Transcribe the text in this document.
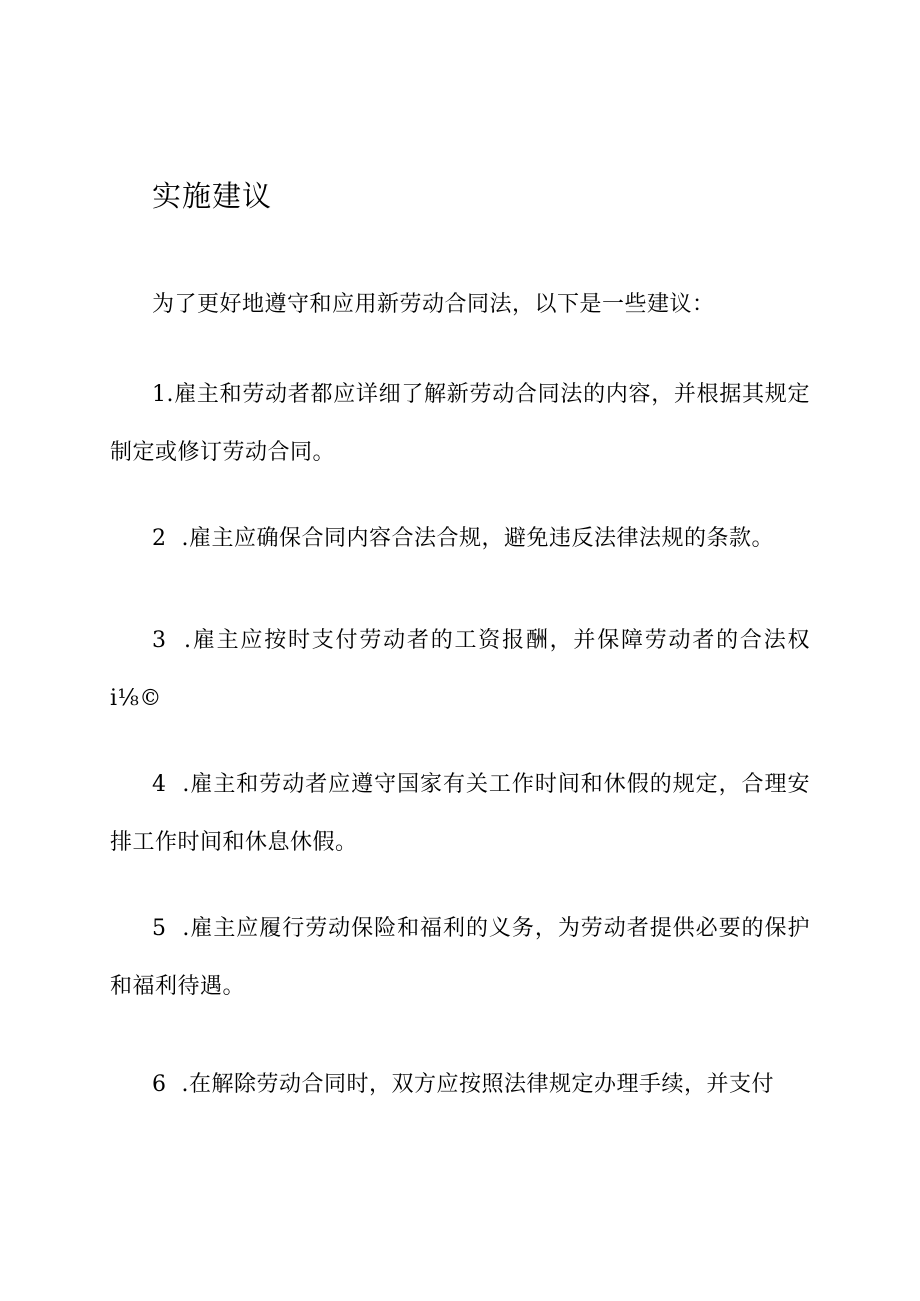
实施建议

为了更好地遵守和应用新劳动合同法，以下是一些建议：

1.雇主和劳动者都应详细了解新劳动合同法的内容，并根据其规定制定或修订劳动合同。

2  .雇主应确保合同内容合法合规，避免违反法律法规的条款。

3  .雇主应按时支付劳动者的工资报酬，并保障劳动者的合法权i⅛©

4  .雇主和劳动者应遵守国家有关工作时间和休假的规定，合理安排工作时间和休息休假。

5  .雇主应履行劳动保险和福利的义务，为劳动者提供必要的保护和福利待遇。

6  .在解除劳动合同时，双方应按照法律规定办理手续，并支付
